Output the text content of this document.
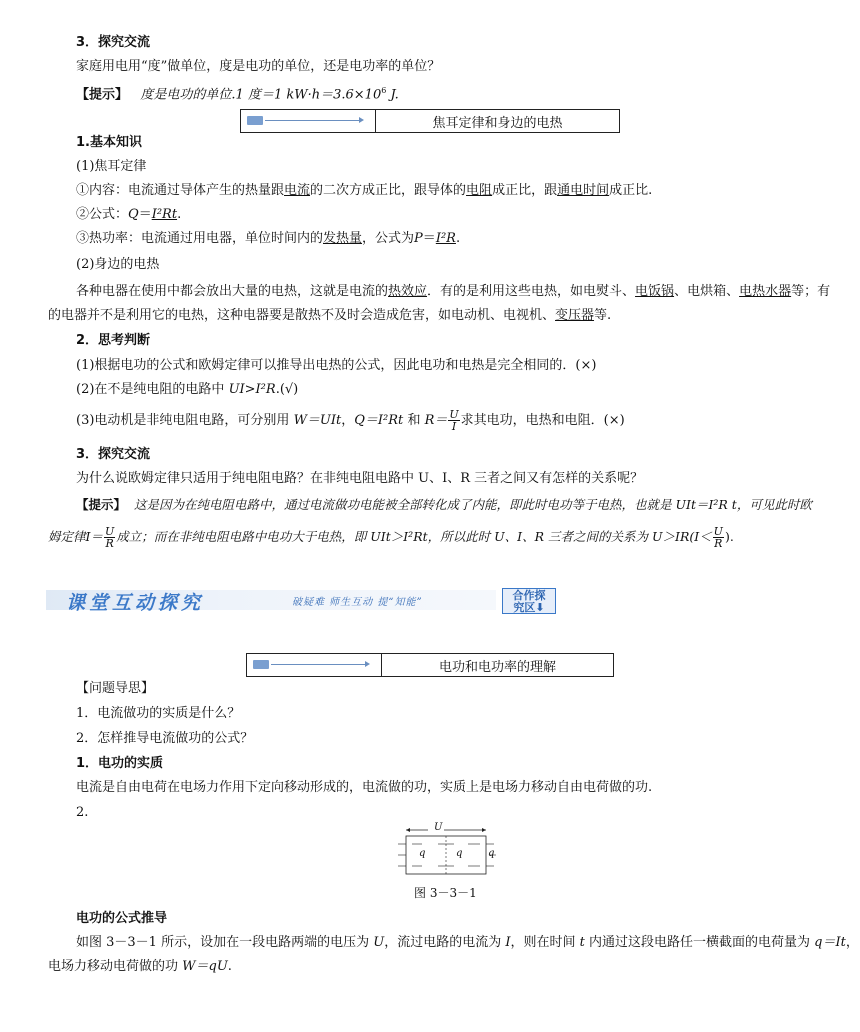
3．探究交流
家庭用电用“度”做单位，度是电功的单位，还是电功率的单位？
【提示】 度是电功的单位.1 度＝1 $kW\cdot h=3.6\times 10^6$ J.
焦耳定律和身边的电热
1.基本知识
(1)焦耳定律
①内容：电流通过导体产生的热量跟电流的二次方成正比，跟导体的电阻成正比，跟通电时间成正比.
②公式：Q＝I²Rt.
③热功率：电流通过用电器，单位时间内的发热量，公式为P＝I²R.
(2)身边的电热
各种电器在使用中都会放出大量的电热，这就是电流的热效应．有的是利用这些电热，如电熨斗、电饭锅、电烘箱、电热水器等；有
的电器并不是利用它的电热，这种电器要是散热不及时会造成危害，如电动机、电视机、变压器等.
2．思考判断
(1)根据电功的公式和欧姆定律可以推导出电热的公式，因此电功和电热是完全相同的．(×)
(2)在不是纯电阻的电路中 UI>I²R.(√)
(3)电动机是非纯电阻电路，可分别用 W＝UIt，Q＝I²Rt 和 $R= \frac{U}{I}$ 求其电功，电热和电阻．(×)
3．探究交流
为什么说欧姆定律只适用于纯电阻电路？在非纯电阻电路中 U、I、R 三者之间又有怎样的关系呢？
【提示】 这是因为在纯电阻电路中，通过电流做功电能被全部转化成了内能，即此时电功等于电热，也就是 UIt＝I²R t，可见此时欧
姆定律$I= \frac{U}{R}$ 成立；而在非纯电阻电路中电功大于电热，即 UIt＞I²Rt，所以此时 U、I、R 三者之间的关系为 $U>IR(I< \frac{U}{R}$ ).
课堂互动探究	破疑难 师生互动 提“知能”
合作探
究区⬇
电功和电功率的理解
【问题导思】
1．电流做功的实质是什么？
2．怎样推导电流做功的公式？
1．电功的实质
电流是自由电荷在电场力作用下定向移动形成的，电流做的功，实质上是电场力移动自由电荷做的功.
2.
U
q	q	q
图 3－3－1
电功的公式推导
如图 3－3－1 所示，设加在一段电路两端的电压为 U，流过电路的电流为 I，则在时间 t 内通过这段电路任一横截面的电荷量为 q＝It，
电场力移动电荷做的功 W＝qU.
